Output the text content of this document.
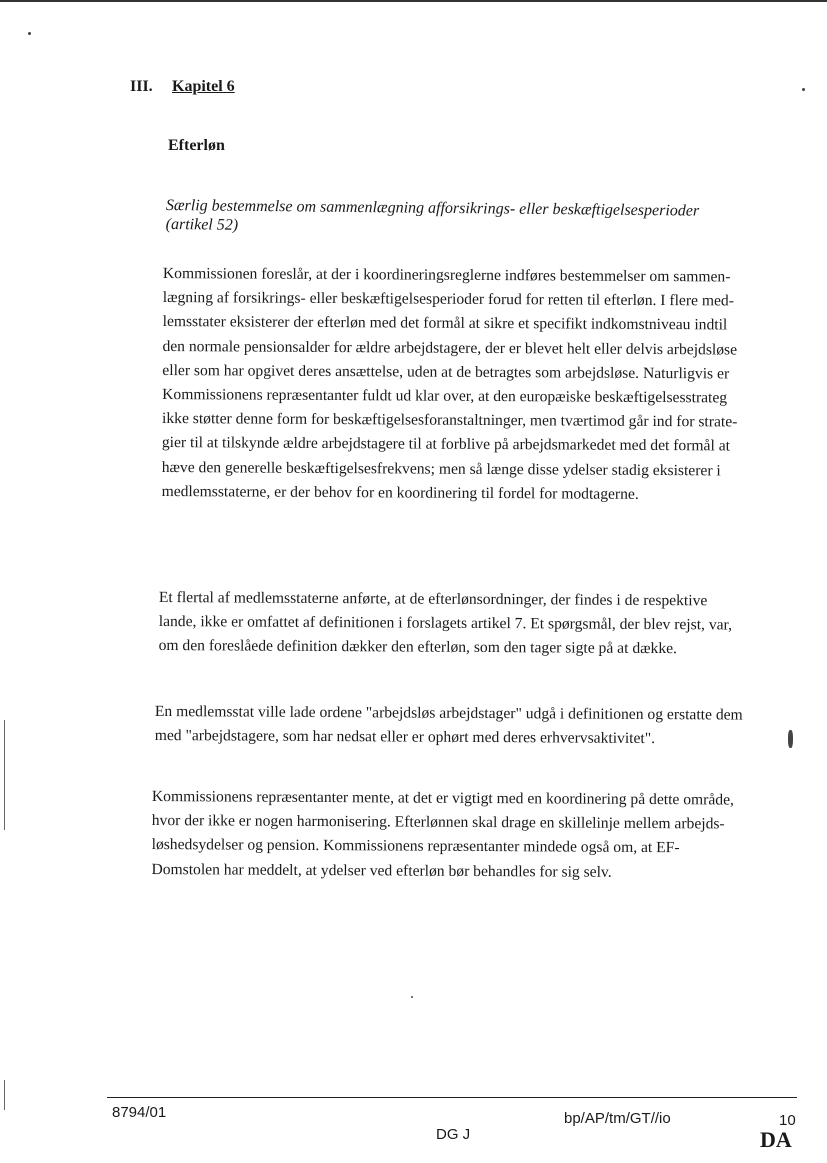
III. Kapitel 6
Efterløn
Særlig bestemmelse om sammenlægning afforsikrings- eller beskæftigelsesperioder
(artikel 52)
Kommissionen foreslår, at der i koordineringsreglerne indføres bestemmelser om sammen-
lægning af forsikrings- eller beskæftigelsesperioder forud for retten til efterløn. I flere med-
lemsstater eksisterer der efterløn med det formål at sikre et specifikt indkomstniveau indtil
den normale pensionsalder for ældre arbejdstagere, der er blevet helt eller delvis arbejdsløse
eller som har opgivet deres ansættelse, uden at de betragtes som arbejdsløse. Naturligvis er
Kommissionens repræsentanter fuldt ud klar over, at den europæiske beskæftigelsesstrateg
ikke støtter denne form for beskæftigelsesforanstaltninger, men tværtimod går ind for strate-
gier til at tilskynde ældre arbejdstagere til at forblive på arbejdsmarkedet med det formål at
hæve den generelle beskæftigelsesfrekvens; men så længe disse ydelser stadig eksisterer i
medlemsstaterne, er der behov for en koordinering til fordel for modtagerne.
Et flertal af medlemsstaterne anførte, at de efterlønsordninger, der findes i de respektive
lande, ikke er omfattet af definitionen i forslagets artikel 7. Et spørgsmål, der blev rejst, var,
om den foreslåede definition dækker den efterløn, som den tager sigte på at dække.
En medlemsstat ville lade ordene "arbejdsløs arbejdstager" udgå i definitionen og erstatte dem
med "arbejdstagere, som har nedsat eller er ophørt med deres erhvervsaktivitet".
Kommissionens repræsentanter mente, at det er vigtigt med en koordinering på dette område,
hvor der ikke er nogen harmonisering. Efterlønnen skal drage en skillelinje mellem arbejds-
løshedsydelser og pension. Kommissionens repræsentanter mindede også om, at EF-
Domstolen har meddelt, at ydelser ved efterløn bør behandles for sig selv.
8794/01
DG J
bp/AP/tm/GT//io	10
DA
